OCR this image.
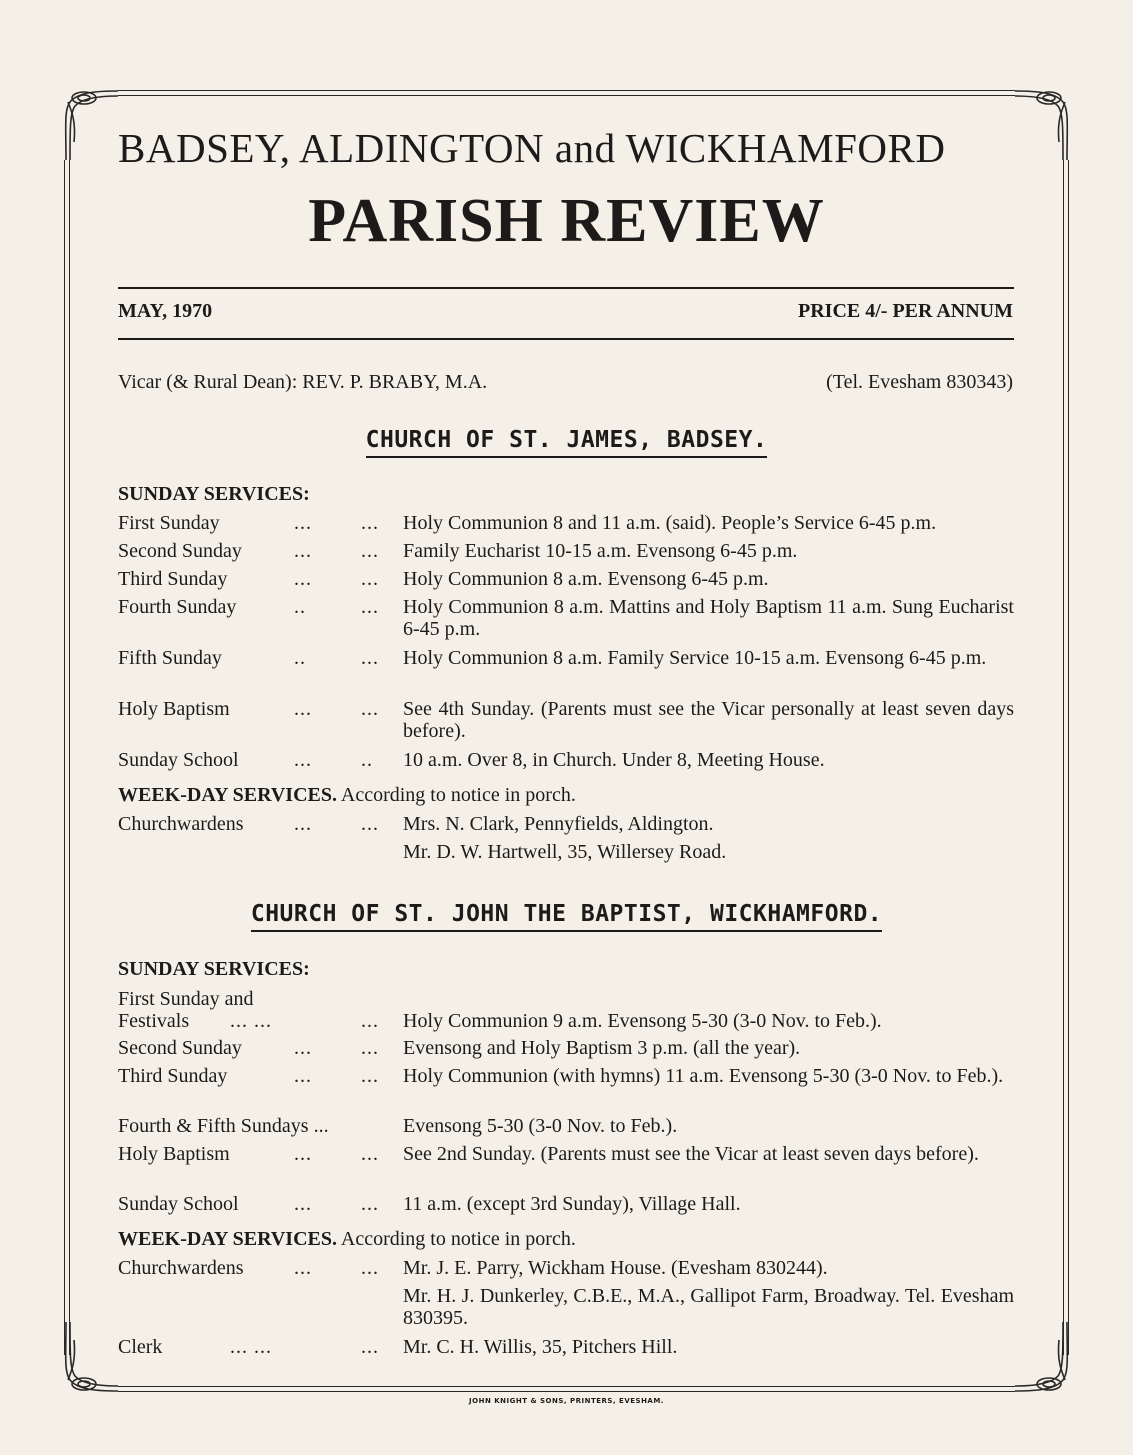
BADSEY, ALDINGTON and WICKHAMFORD
PARISH REVIEW
MAY, 1970	PRICE 4/- PER ANNUM
Vicar (& Rural Dean): REV. P. BRABY, M.A.	(Tel. Evesham 830343)
CHURCH OF ST. JAMES, BADSEY.
SUNDAY SERVICES:
First Sunday	... ... Holy Communion 8 and 11 a.m. (said). People’s Service 6-45 p.m.
Second Sunday	... ... Family Eucharist 10-15 a.m. Evensong 6-45 p.m.
Third Sunday	... ... Holy Communion 8 a.m. Evensong 6-45 p.m.
Fourth Sunday	..	... Holy Communion 8 a.m. Mattins and Holy Baptism 11 a.m. Sung Eucharist 6-45 p.m.
Fifth Sunday	..	... Holy Communion 8 a.m. Family Service 10-15 a.m. Evensong 6-45 p.m.
Holy Baptism	... ... See 4th Sunday. (Parents must see the Vicar personally at least seven days before).
Sunday School	... .. 10 a.m. Over 8, in Church. Under 8, Meeting House.
WEEK-DAY SERVICES. According to notice in porch.
Churchwardens	... ... Mrs. N. Clark, Pennyfields, Aldington.
Mr. D. W. Hartwell, 35, Willersey Road.
CHURCH OF ST. JOHN THE BAPTIST, WICKHAMFORD.
SUNDAY SERVICES:
First Sunday and
Festivals ... ...	... Holy Communion 9 a.m. Evensong 5-30 (3-0 Nov. to Feb.).
Second Sunday	... ... Evensong and Holy Baptism 3 p.m. (all the year).
Third Sunday	... ... Holy Communion (with hymns) 11 a.m. Evensong 5-30 (3-0 Nov. to Feb.).
Fourth & Fifth Sundays ...	Evensong 5-30 (3-0 Nov. to Feb.).
Holy Baptism	... ... See 2nd Sunday. (Parents must see the Vicar at least seven days before).
Sunday School	... ... 11 a.m. (except 3rd Sunday), Village Hall.
WEEK-DAY SERVICES. According to notice in porch.
Churchwardens	... ... Mr. J. E. Parry, Wickham House. (Evesham 830244).
Mr. H. J. Dunkerley, C.B.E., M.A., Gallipot Farm, Broadway. Tel. Evesham 830395.
Clerk	... ...	... Mr. C. H. Willis, 35, Pitchers Hill.
JOHN KNIGHT & SONS, PRINTERS, EVESHAM.
